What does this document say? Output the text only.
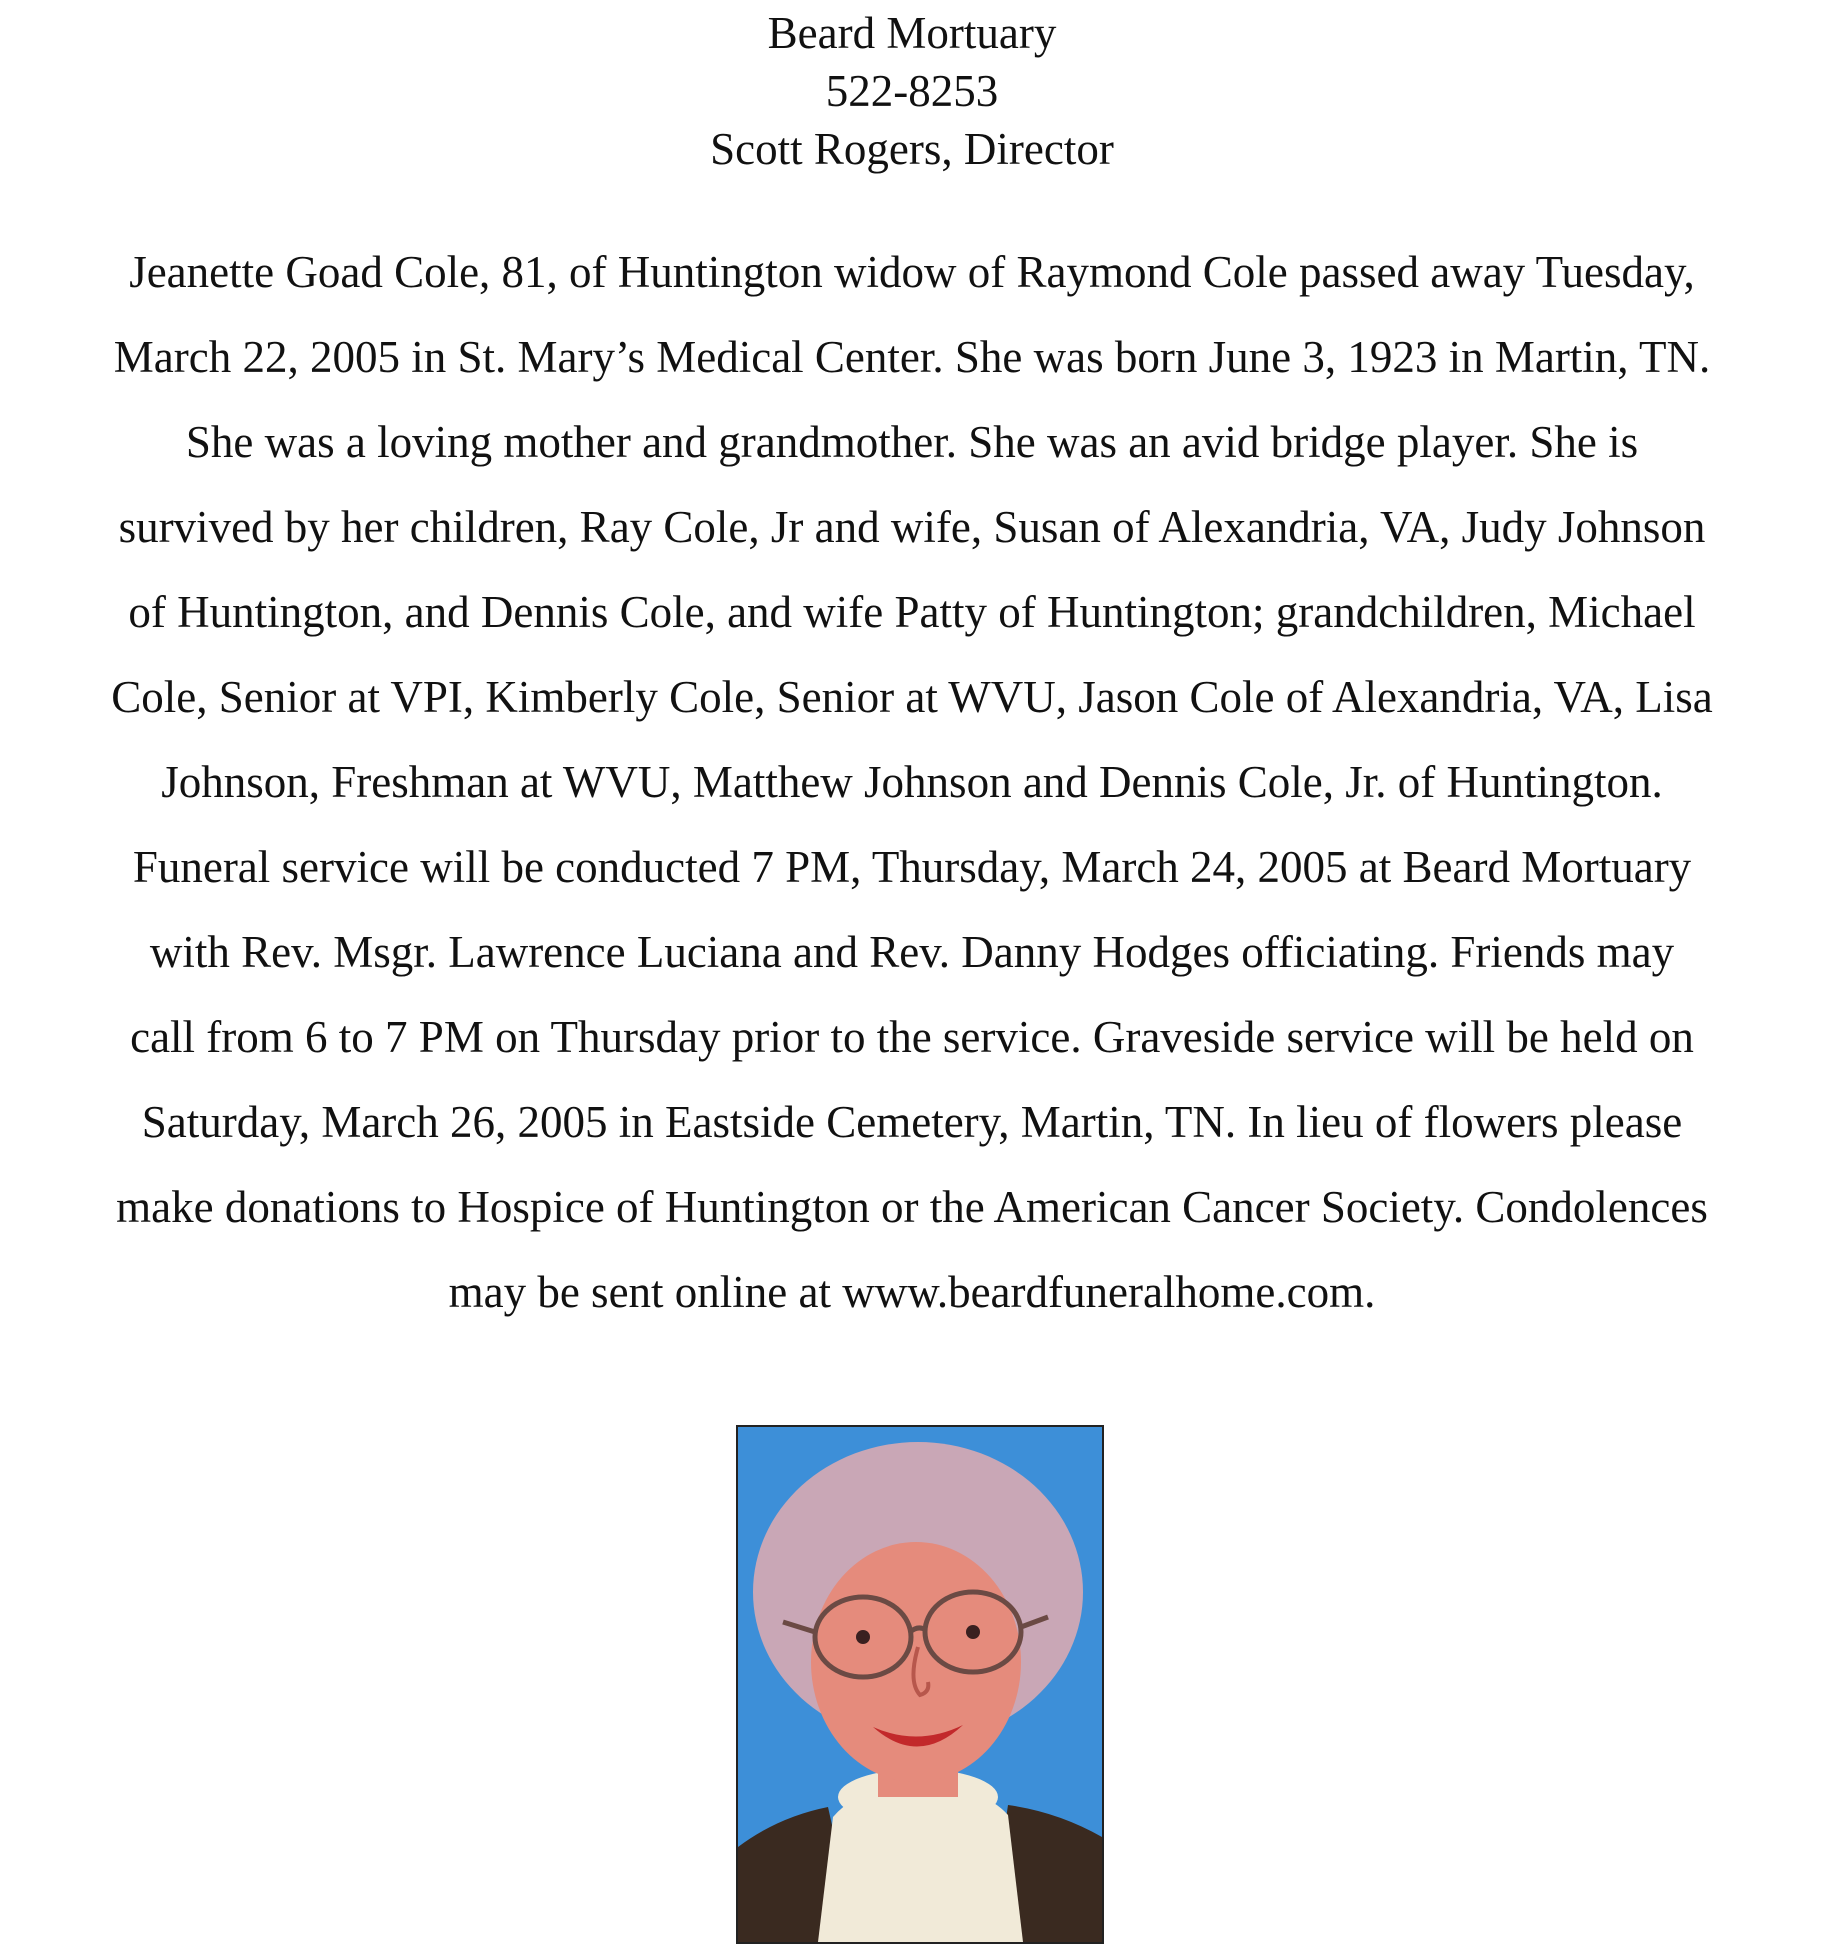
Beard Mortuary
522-8253
Scott Rogers, Director
Jeanette Goad Cole, 81, of Huntington widow of Raymond Cole passed away Tuesday,
March 22, 2005 in St. Mary’s Medical Center. She was born June 3, 1923 in Martin, TN.
She was a loving mother and grandmother. She was an avid bridge player. She is
survived by her children, Ray Cole, Jr and wife, Susan of Alexandria, VA, Judy Johnson
of Huntington, and Dennis Cole, and wife Patty of Huntington; grandchildren, Michael
Cole, Senior at VPI, Kimberly Cole, Senior at WVU, Jason Cole of Alexandria, VA, Lisa
Johnson, Freshman at WVU, Matthew Johnson and Dennis Cole, Jr. of Huntington.
Funeral service will be conducted 7 PM, Thursday, March 24, 2005 at Beard Mortuary
with Rev. Msgr. Lawrence Luciana and Rev. Danny Hodges officiating. Friends may
call from 6 to 7 PM on Thursday prior to the service. Graveside service will be held on
Saturday, March 26, 2005 in Eastside Cemetery, Martin, TN. In lieu of flowers please
make donations to Hospice of Huntington or the American Cancer Society. Condolences
may be sent online at www.beardfuneralhome.com.
